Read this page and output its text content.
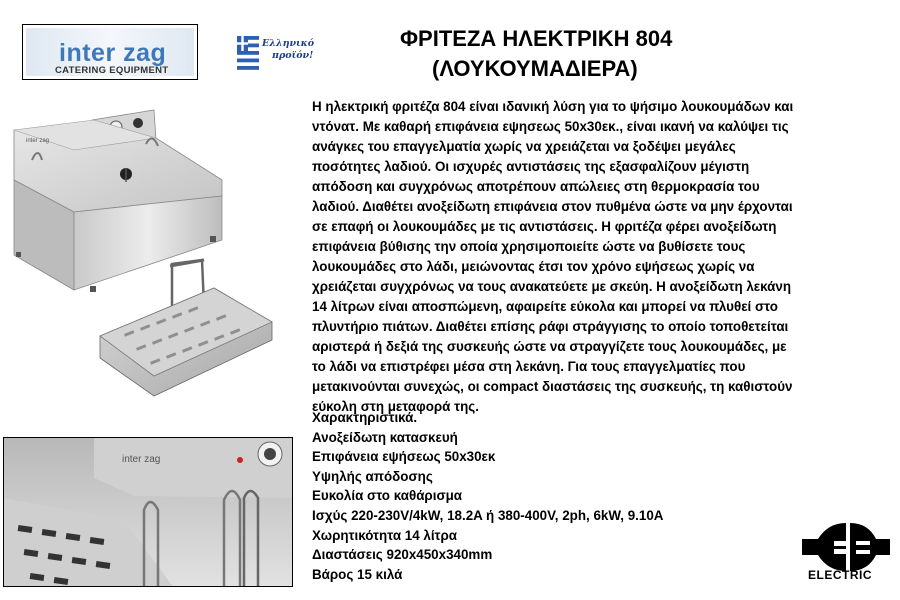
inter zag
CATERING EQUIPMENT
Ελληνικό
προϊόν!
ΦΡΙΤΕΖΑ ΗΛΕΚΤΡΙΚΗ 804
(ΛΟΥΚΟΥΜΑΔΙΕΡΑ)
inter zag
inter zag
Η ηλεκτρική φριτέζα 804 είναι ιδανική λύση για το ψήσιμο λουκουμάδων και
ντόνατ. Με καθαρή επιφάνεια εψησεως 50x30εκ., είναι ικανή να καλύψει τις
ανάγκες του επαγγελματία χωρίς να χρειάζεται να ξοδέψει μεγάλες
ποσότητες λαδιού. Οι ισχυρές αντιστάσεις της εξασφαλίζουν μέγιστη
απόδοση και συγχρόνως αποτρέπουν απώλειες στη θερμοκρασία του
λαδιού. Διαθέτει ανοξείδωτη επιφάνεια στον πυθμένα ώστε να μην έρχονται
σε επαφή οι λουκουμάδες με τις αντιστάσεις. Η φριτέζα φέρει ανοξείδωτη
επιφάνεια βύθισης την οποία χρησιμοποιείτε ώστε να βυθίσετε τους
λουκουμάδες στο λάδι, μειώνοντας έτσι τον χρόνο εψήσεως χωρίς να
χρειάζεται συγχρόνως να τους ανακατεύετε με σκεύη. Η ανοξείδωτη λεκάνη
14 λίτρων είναι αποσπώμενη, αφαιρείτε εύκολα και μπορεί να πλυθεί στο
πλυντήριο πιάτων. Διαθέτει επίσης ράφι στράγγισης το οποίο τοποθετείται
αριστερά ή δεξιά της συσκευής ώστε να στραγγίζετε τους λουκουμάδες, με
το λάδι να επιστρέφει μέσα στη λεκάνη. Για τους επαγγελματίες που
μετακινούνται συνεχώς, οι compact διαστάσεις της συσκευής, τη καθιστούν
εύκολη στη μεταφορά της.
Χαρακτηριστικά.
Ανοξείδωτη κατασκευή
Επιφάνεια εψήσεως 50x30εκ
Υψηλής απόδοσης
Ευκολία στο καθάρισμα
Ισχύς 220-230V/4kW, 18.2A ή 380-400V, 2ph, 6kW, 9.10A
Χωρητικότητα 14 λίτρα
Διαστάσεις 920x450x340mm
Βάρος 15 κιλά	ELECTRIC
